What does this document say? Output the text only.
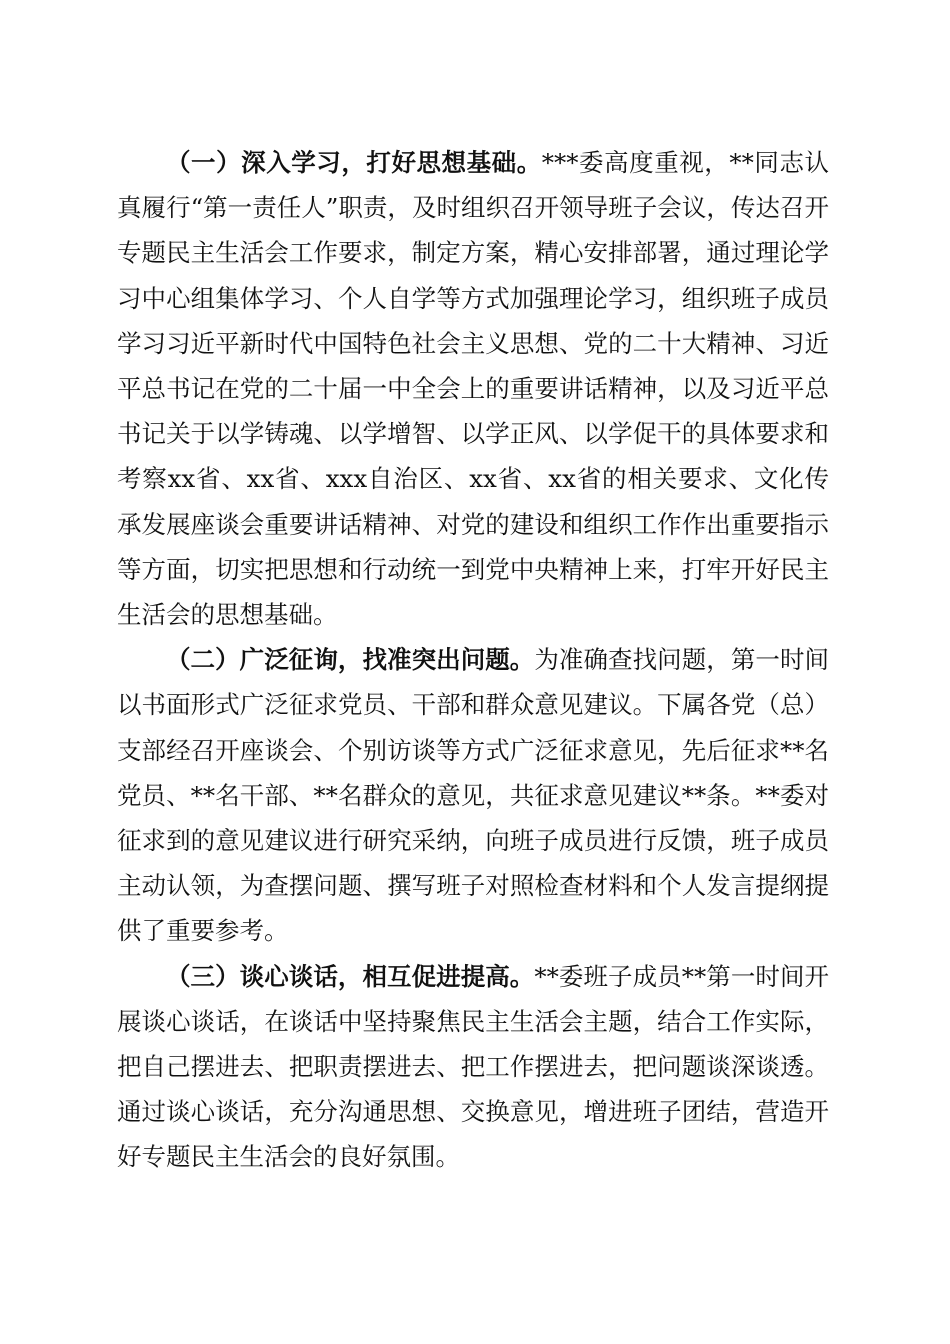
（一）深入学习，打好思想基础。***委高度重视，**同志认真履行“第一责任人”职责，及时组织召开领导班子会议，传达召开专题民主生活会工作要求，制定方案，精心安排部署，通过理论学习中心组集体学习、个人自学等方式加强理论学习，组织班子成员学习习近平新时代中国特色社会主义思想、党的二十大精神、习近平总书记在党的二十届一中全会上的重要讲话精神，以及习近平总书记关于以学铸魂、以学增智、以学正风、以学促干的具体要求和考察xx省、xx省、xxx自治区、xx省、xx省的相关要求、文化传承发展座谈会重要讲话精神、对党的建设和组织工作作出重要指示等方面，切实把思想和行动统一到党中央精神上来，打牢开好民主生活会的思想基础。

（二）广泛征询，找准突出问题。为准确查找问题，第一时间以书面形式广泛征求党员、干部和群众意见建议。下属各党（总）支部经召开座谈会、个别访谈等方式广泛征求意见，先后征求**名党员、**名干部、**名群众的意见，共征求意见建议**条。**委对征求到的意见建议进行研究采纳，向班子成员进行反馈，班子成员主动认领，为查摆问题、撰写班子对照检查材料和个人发言提纲提供了重要参考。

（三）谈心谈话，相互促进提高。**委班子成员**第一时间开展谈心谈话，在谈话中坚持聚焦民主生活会主题，结合工作实际，把自己摆进去、把职责摆进去、把工作摆进去，把问题谈深谈透。通过谈心谈话，充分沟通思想、交换意见，增进班子团结，营造开好专题民主生活会的良好氛围。
